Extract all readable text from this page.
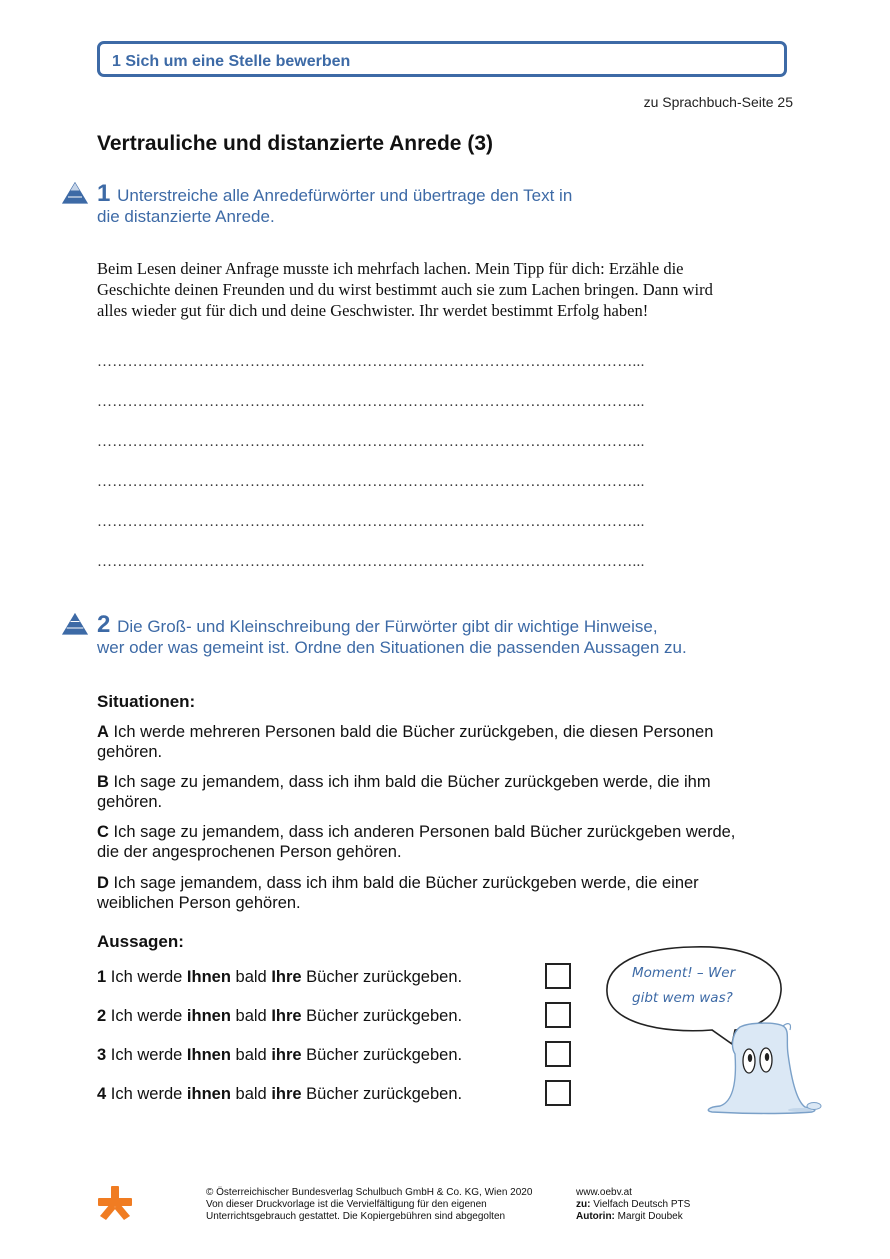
1 Sich um eine Stelle bewerben
zu Sprachbuch-Seite 25
Vertrauliche und distanzierte Anrede (3)
1 Unterstreiche alle Anredefürwörter und übertrage den Text in
die distanzierte Anrede.
Beim Lesen deiner Anfrage musste ich mehrfach lachen. Mein Tipp für dich: Erzähle die
Geschichte deinen Freunden und du wirst bestimmt auch sie zum Lachen bringen. Dann wird
alles wieder gut für dich und deine Geschwister. Ihr werdet bestimmt Erfolg haben!
……………………………………………………………………………………………...
……………………………………………………………………………………………...
……………………………………………………………………………………………...
……………………………………………………………………………………………...
……………………………………………………………………………………………...
……………………………………………………………………………………………...
2 Die Groß- und Kleinschreibung der Fürwörter gibt dir wichtige Hinweise,
wer oder was gemeint ist. Ordne den Situationen die passenden Aussagen zu.
Situationen:
A Ich werde mehreren Personen bald die Bücher zurückgeben, die diesen Personen
gehören.
B Ich sage zu jemandem, dass ich ihm bald die Bücher zurückgeben werde, die ihm
gehören.
C Ich sage zu jemandem, dass ich anderen Personen bald Bücher zurückgeben werde,
die der angesprochenen Person gehören.
D Ich sage jemandem, dass ich ihm bald die Bücher zurückgeben werde, die einer
weiblichen Person gehören.
Aussagen:
1 Ich werde Ihnen bald Ihre Bücher zurückgeben.
2 Ich werde ihnen bald Ihre Bücher zurückgeben.
3 Ich werde Ihnen bald ihre Bücher zurückgeben.
4 Ich werde ihnen bald ihre Bücher zurückgeben.
Moment! – Wer
gibt wem was?
© Österreichischer Bundesverlag Schulbuch GmbH & Co. KG, Wien 2020
Von dieser Druckvorlage ist die Vervielfältigung für den eigenen
Unterrichtsgebrauch gestattet. Die Kopiergebühren sind abgegolten
www.oebv.at
zu: Vielfach Deutsch PTS
Autorin: Margit Doubek
